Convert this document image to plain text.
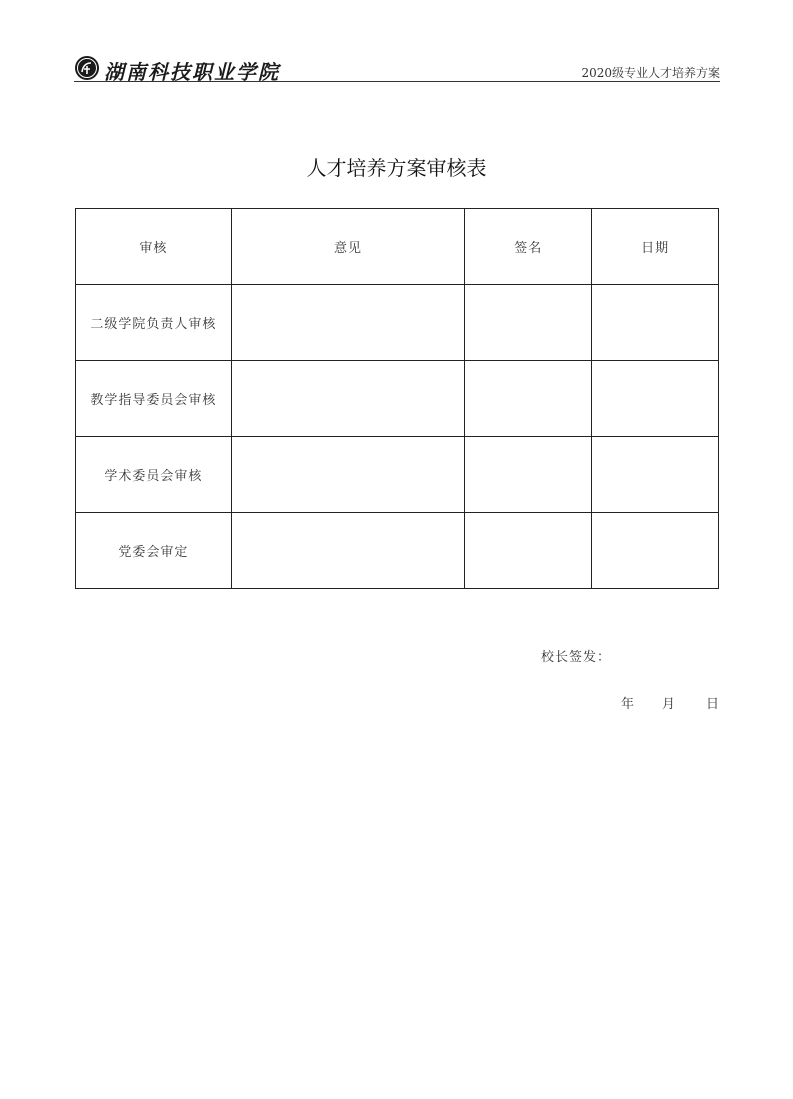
湖南科技职业学院	2020级专业人才培养方案
人才培养方案审核表
审核	意见	签名	日期
二级学院负责人审核			
教学指导委员会审核			
学术委员会审核			
党委会审定			
校长签发：
年 月 日
